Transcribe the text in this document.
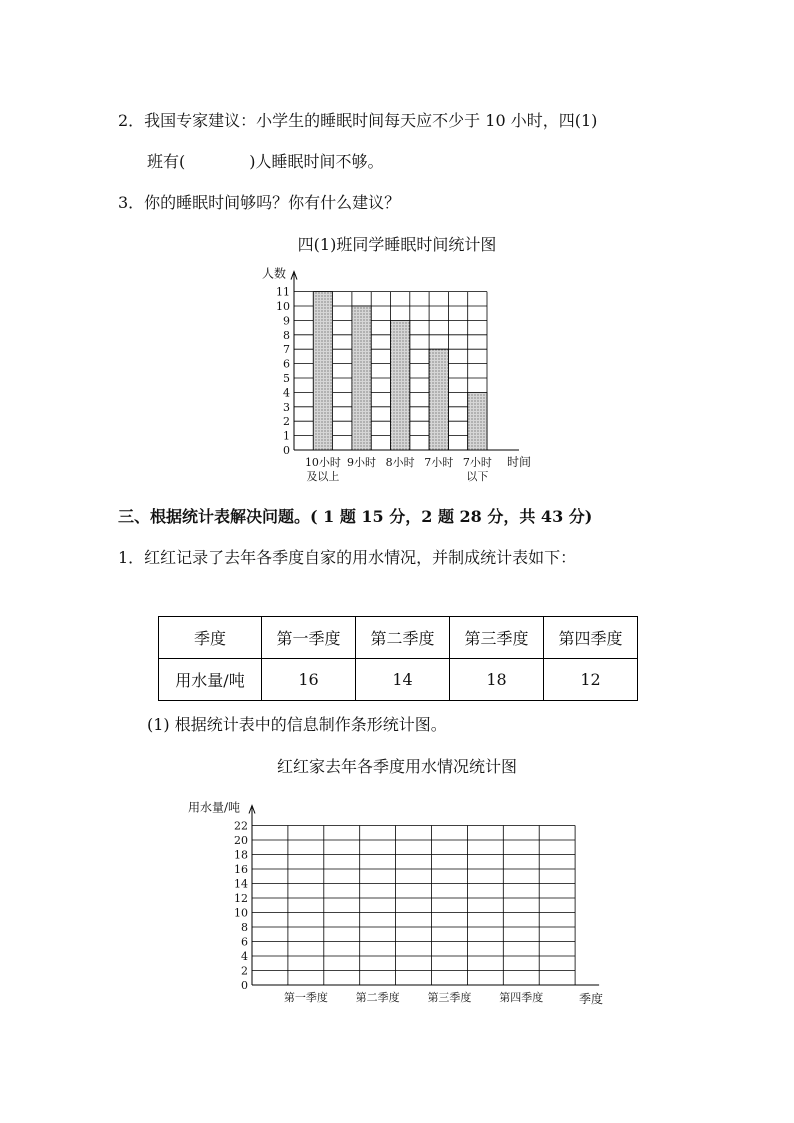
2．我国专家建议：小学生的睡眠时间每天应不少于 10 小时，四(1)
班有(　　　　)人睡眠时间不够。
3．你的睡眠时间够吗？你有什么建议？
四(1)班同学睡眠时间统计图
0
1
2
3
4
5
6
7
8
9
10
11
人数
时间
10小时
及以上
9小时 8小时 7小时 7小时
以下
三、根据统计表解决问题。( 1 题 15 分，2 题 28 分，共 43 分)
1．红红记录了去年各季度自家的用水情况，并制成统计表如下：
季度	第一季度	第二季度	第三季度	第四季度
用水量/吨	16	14	18	12
(1) 根据统计表中的信息制作条形统计图。
红红家去年各季度用水情况统计图
0
2
4
6
8
10
12
14
16
18
20
22
用水量/吨
季度
第一季度	第二季度	第三季度	第四季度
